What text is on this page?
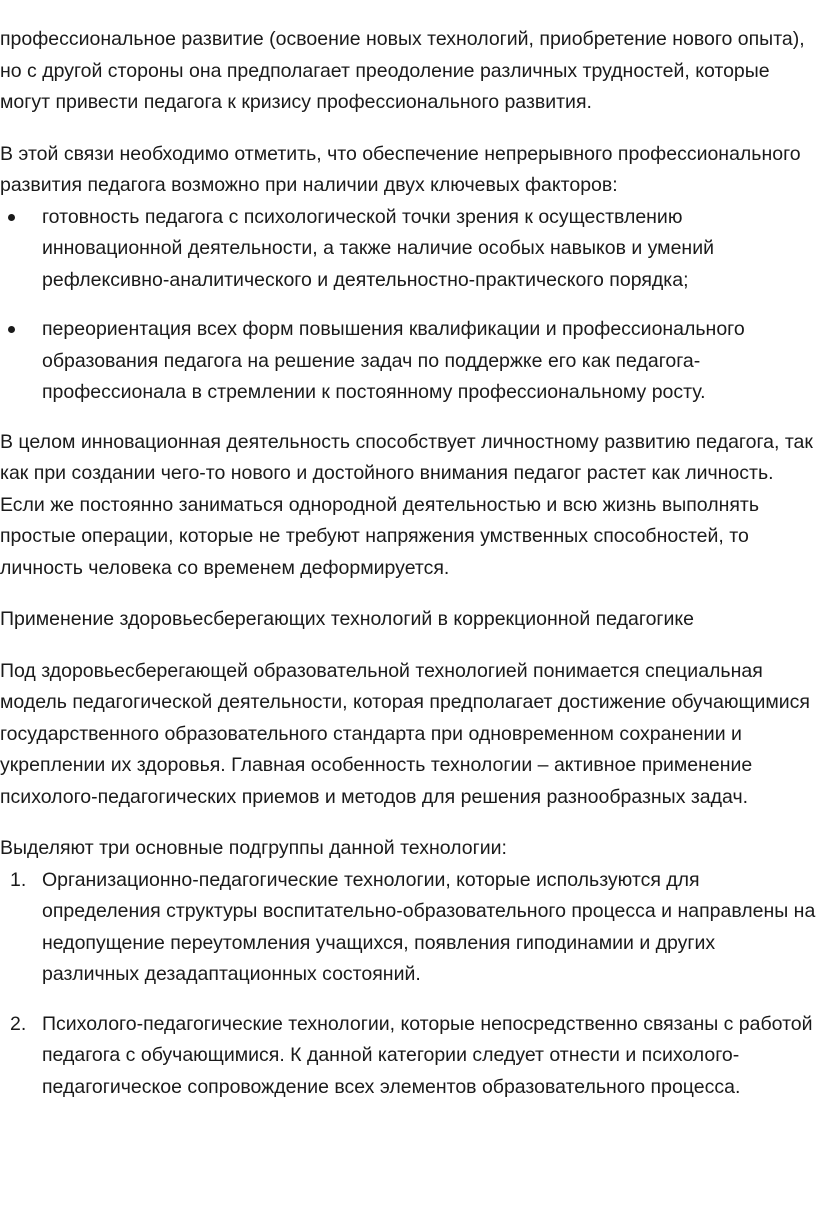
профессиональное развитие (освоение новых технологий, приобретение нового опыта), но с другой стороны она предполагает преодоление различных трудностей, которые могут привести педагога к кризису профессионального развития.

В этой связи необходимо отметить, что обеспечение непрерывного профессионального развития педагога возможно при наличии двух ключевых факторов:

готовность педагога с психологической точки зрения к осуществлению инновационной деятельности, а также наличие особых навыков и умений рефлексивно-аналитического и деятельностно-практического порядка;
переориентация всех форм повышения квалификации и профессионального образования педагога на решение задач по поддержке его как педагога-профессионала в стремлении к постоянному профессиональному росту.

В целом инновационная деятельность способствует личностному развитию педагога, так как при создании чего-то нового и достойного внимания педагог растет как личность. Если же постоянно заниматься однородной деятельностью и всю жизнь выполнять простые операции, которые не требуют напряжения умственных способностей, то личность человека со временем деформируется.

Применение здоровьесберегающих технологий в коррекционной педагогике

Под здоровьесберегающей образовательной технологией понимается специальная модель педагогической деятельности, которая предполагает достижение обучающимися государственного образовательного стандарта при одновременном сохранении и укреплении их здоровья. Главная особенность технологии – активное применение психолого-педагогических приемов и методов для решения разнообразных задач.

Выделяют три основные подгруппы данной технологии:

1. Организационно-педагогические технологии, которые используются для определения структуры воспитательно-образовательного процесса и направлены на недопущение переутомления учащихся, появления гиподинамии и других различных дезадаптационных состояний.
2. Психолого-педагогические технологии, которые непосредственно связаны с работой педагога с обучающимися. К данной категории следует отнести и психолого-педагогическое сопровождение всех элементов образовательного процесса.
